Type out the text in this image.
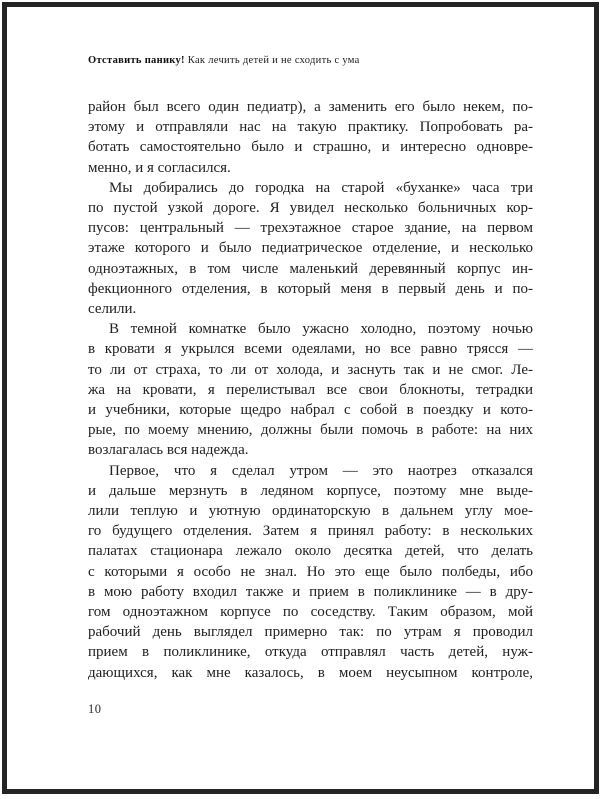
Отставить панику! Как лечить детей и не сходить с ума
район был всего один педиатр), а заменить его было некем, по-
этому и отправляли нас на такую практику. Попробовать ра-
ботать самостоятельно было и страшно, и интересно одновре-
менно, и я согласился.
Мы добирались до городка на старой «буханке» часа три
по пустой узкой дороге. Я увидел несколько больничных кор-
пусов: центральный — трехэтажное старое здание, на первом
этаже которого и было педиатрическое отделение, и несколько
одноэтажных, в том числе маленький деревянный корпус ин-
фекционного отделения, в который меня в первый день и по-
селили.
В темной комнатке было ужасно холодно, поэтому ночью
в кровати я укрылся всеми одеялами, но все равно трясся —
то ли от страха, то ли от холода, и заснуть так и не смог. Ле-
жа на кровати, я перелистывал все свои блокноты, тетрадки
и учебники, которые щедро набрал с собой в поездку и кото-
рые, по моему мнению, должны были помочь в работе: на них
возлагалась вся надежда.
Первое, что я сделал утром — это наотрез отказался
и дальше мерзнуть в ледяном корпусе, поэтому мне выде-
лили теплую и уютную ординаторскую в дальнем углу мое-
го будущего отделения. Затем я принял работу: в нескольких
палатах стационара лежало около десятка детей, что делать
с которыми я особо не знал. Но это еще было полбеды, ибо
в мою работу входил также и прием в поликлинике — в дру-
гом одноэтажном корпусе по соседству. Таким образом, мой
рабочий день выглядел примерно так: по утрам я проводил
прием в поликлинике, откуда отправлял часть детей, нуж-
дающихся, как мне казалось, в моем неусыпном контроле,
10
